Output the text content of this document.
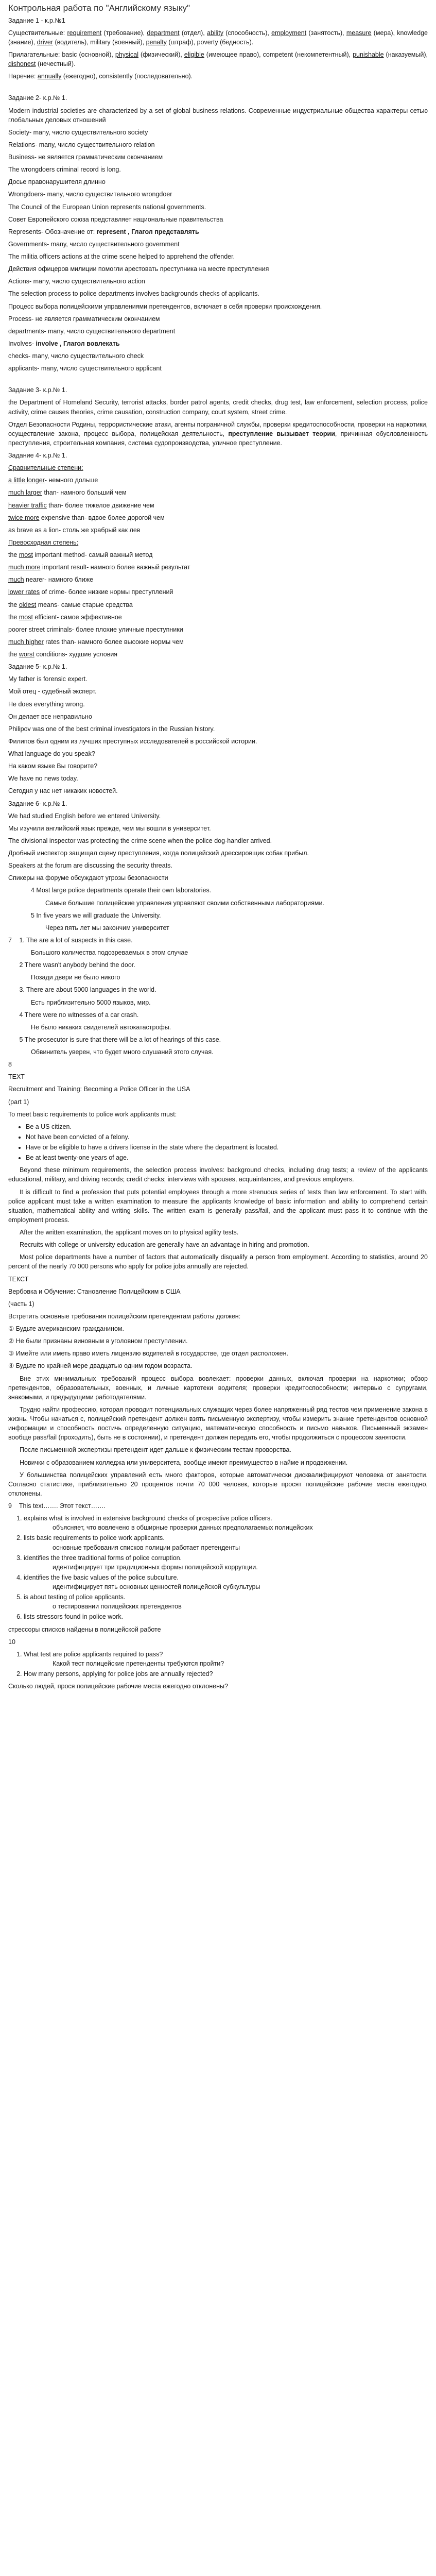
Контрольная работа по "Английскому языку"
Задание 1 - к.р.№1
Существительные: requirement (требование), department (отдел), ability (способность), employment (занятость), measure (мера), knowledge (знание), driver (водитель), military (военный), penalty (штраф), poverty (бедность).
Прилагательные: basic (основной), physical (физический), eligible (имеющее право), competent (некомпетентный), punishable (наказуемый), dishonest (нечестный).
Наречие: annually (ежегодно), consistently (последовательно).
Задание 2- к.р.№ 1.
Modern industrial societies are characterized by a set of global business relations. Современные индустриальные общества характеры сетью глобальных деловых отношений
Society- many, число существительного society
Relations- many, число существительного relation
Business- не является грамматическим окончанием
The wrongdoers criminal record is long.
Досье правонарушителя длинно
Wrongdoers- many, число существительного wrongdoer
The Council of the European Union represents national governments.
Совет Европейского союза представляет национальные правительства
Represents- Обозначение от: represent , Глагол представлять
Governments- many, число существительного government
The militia officers actions at the crime scene helped to apprehend the offender.
Действия офицеров милиции помогли арестовать преступника на месте преступления
Actions- many, число существительного action
The selection process to police departments involves backgrounds checks of applicants.
Процесс выбора полицейскими управлениями претендентов, включает в себя проверки происхождения.
Process- не является грамматическим окончанием
departments- many, число существительного department
Involves- involve , Глагол вовлекать
checks- many, число существительного check
applicants- many, число существительного applicant
Задание 3- к.р.№ 1.
the Department of Homeland Security, terrorist attacks, border patrol agents, credit checks, drug test, law enforcement, selection process, police activity, crime causes theories, crime causation, construction company, court system, street crime.
Отдел Безопасности Родины, террористические атаки, агенты пограничной службы, проверки кредитоспособности, проверки на наркотики, осуществление закона, процесс выбора, полицейская деятельность, преступление вызывает теории, причинная обусловленность преступления, строительная компания, система судопроизводства, уличное преступление.
Задание 4- к.р.№ 1.
Сравнительные степени:
a little longer- немного дольше
much larger than- намного больший чем
heavier traffic than- более тяжелое движение чем
twice more expensive than- вдвое более дорогой чем
as brave as a lion- столь же храбрый как лев
Превосходная степень:
the most important method- самый важный метод
much more important result- намного более важный результат
much nearer- намного ближе
lower rates of crime- более низкие нормы преступлений
the oldest means- самые старые средства
the most efficient- самое эффективное
poorer street criminals- более плохие уличные преступники
much higher rates than- намного более высокие нормы чем
the worst conditions- худшие условия
Задание 5- к.р.№ 1.
My father is forensic expert.
Мой отец - судебный эксперт.
He does everything wrong.
Он делает все неправильно
Philipov was one of the best criminal investigators in the Russian history.
Филипов был одним из лучших преступных исследователей в российской истории.
What language do you speak?
На каком языке Вы говорите?
We have no news today.
Сегодня у нас нет никаких новостей.
Задание 6- к.р.№ 1.
We had studied English before we entered University.
Мы изучили английский язык прежде, чем мы вошли в университет.
The divisional inspector was protecting the crime scene when the police dog-handler arrived.
Дробный инспектор защищал сцену преступления, когда полицейский дрессировщик собак прибыл.
Speakers at the forum are discussing the security threats.
Спикеры на форуме обсуждают угрозы безопасности
4 Most large police departments operate their own laboratories.
Самые большие полицейские управления управляют своими собственными лабораториями.
5 In five years we will graduate the University.
Через пять лет мы закончим университет
7 1. The are a lot of suspects in this case.
Большого количества подозреваемых в этом случае
2 There wasn't anybody behind the door.
Позади двери не было никого
3. There are about 5000 languages in the world.
Есть приблизительно 5000 языков, мир.
4 There were no witnesses of a car crash.
Не было никаких свидетелей автокатастрофы.
5 The prosecutor is sure that there will be a lot of hearings of this case.
Обвинитель уверен, что будет много слушаний этого случая.
8
TEXT
Recruitment and Training: Becoming a Police Officer in the USA
(part 1)
To meet basic requirements to police work applicants must:
• Be a US citizen.
• Not have been convicted of a felony.
• Have or be eligible to have a drivers license in the state where the department is located.
• Be at least twenty-one years of age.
Beyond these minimum requirements, the selection process involves: background checks, including drug tests; a review of the applicants educational, military, and driving records; credit checks; interviews with spouses, acquaintances, and previous employers.
It is difficult to find a profession that puts potential employees through a more strenuous series of tests than law enforcement. To start with, police applicant must take a written examination to measure the applicants knowledge of basic information and ability to comprehend certain situation, mathematical ability and writing skills. The written exam is generally pass/fail, and the applicant must pass it to continue with the employment process.
After the written examination, the applicant moves on to physical agility tests.
Recruits with college or university education are generally have an advantage in hiring and promotion.
Most police departments have a number of factors that automatically disqualify a person from employment. According to statistics, around 20 percent of the nearly 70 000 persons who apply for police jobs annually are rejected.
ТЕКСТ
Вербовка и Обучение: Становление Полицейским в США
(часть 1)
Встретить основные требования полицейским претендентам работы должен:
① Будьте американским гражданином.
② Не были признаны виновным в уголовном преступлении.
③ Имейте или иметь право иметь лицензию водителей в государстве, где отдел расположен.
④ Будьте по крайней мере двадцатью одним годом возраста.
Вне этих минимальных требований процесс выбора вовлекает: проверки данных, включая проверки на наркотики; обзор претендентов, образовательных, военных, и личные картотеки водителя; проверки кредитоспособности; интервью с супругами, знакомыми, и предыдущими работодателями.
Трудно найти профессию, которая проводит потенциальных служащих через более напряженный ряд тестов чем применение закона в жизнь. Чтобы начаться с, полицейский претендент должен взять письменную экспертизу, чтобы измерить знание претендентов основной информации и способность постичь определенную ситуацию, математическую способность и письмо навыков. Письменный экзамен вообще pass/fail (проходить), быть не в состоянии), и претендент должен передать его, чтобы продолжиться с процессом занятости.
После письменной экспертизы претендент идет дальше к физическим тестам проворства.
Новички с образованием колледжа или университета, вообще имеют преимущество в найме и продвижении.
У большинства полицейских управлений есть много факторов, которые автоматически дисквалифицируют человека от занятости. Согласно статистике, приблизительно 20 процентов почти 70 000 человек, которые просят полицейские рабочие места ежегодно, отклонены.
9 This text……. Этот текст…….
1. explains what is involved in extensive background checks of prospective police officers.
объясняет, что вовлечено в обширные проверки данных предполагаемых полицейских
2. lists basic requirements to police work applicants.
основные требования списков полиции работает претенденты
3. identifies the three traditional forms of police corruption.
идентифицирует три традиционных формы полицейской коррупции.
4. identifies the five basic values of the police subculture.
идентифицирует пять основных ценностей полицейской субкультуры
5. is about testing of police applicants.
о тестировании полицейских претендентов
6. lists stressors found in police work.
стрессоры списков найдены в полицейской работе
10
1. What test are police applicants required to pass?
Какой тест полицейские претенденты требуются пройти?
2. How many persons, applying for police jobs are annually rejected?
Сколько людей, прося полицейские рабочие места ежегодно отклонены?
